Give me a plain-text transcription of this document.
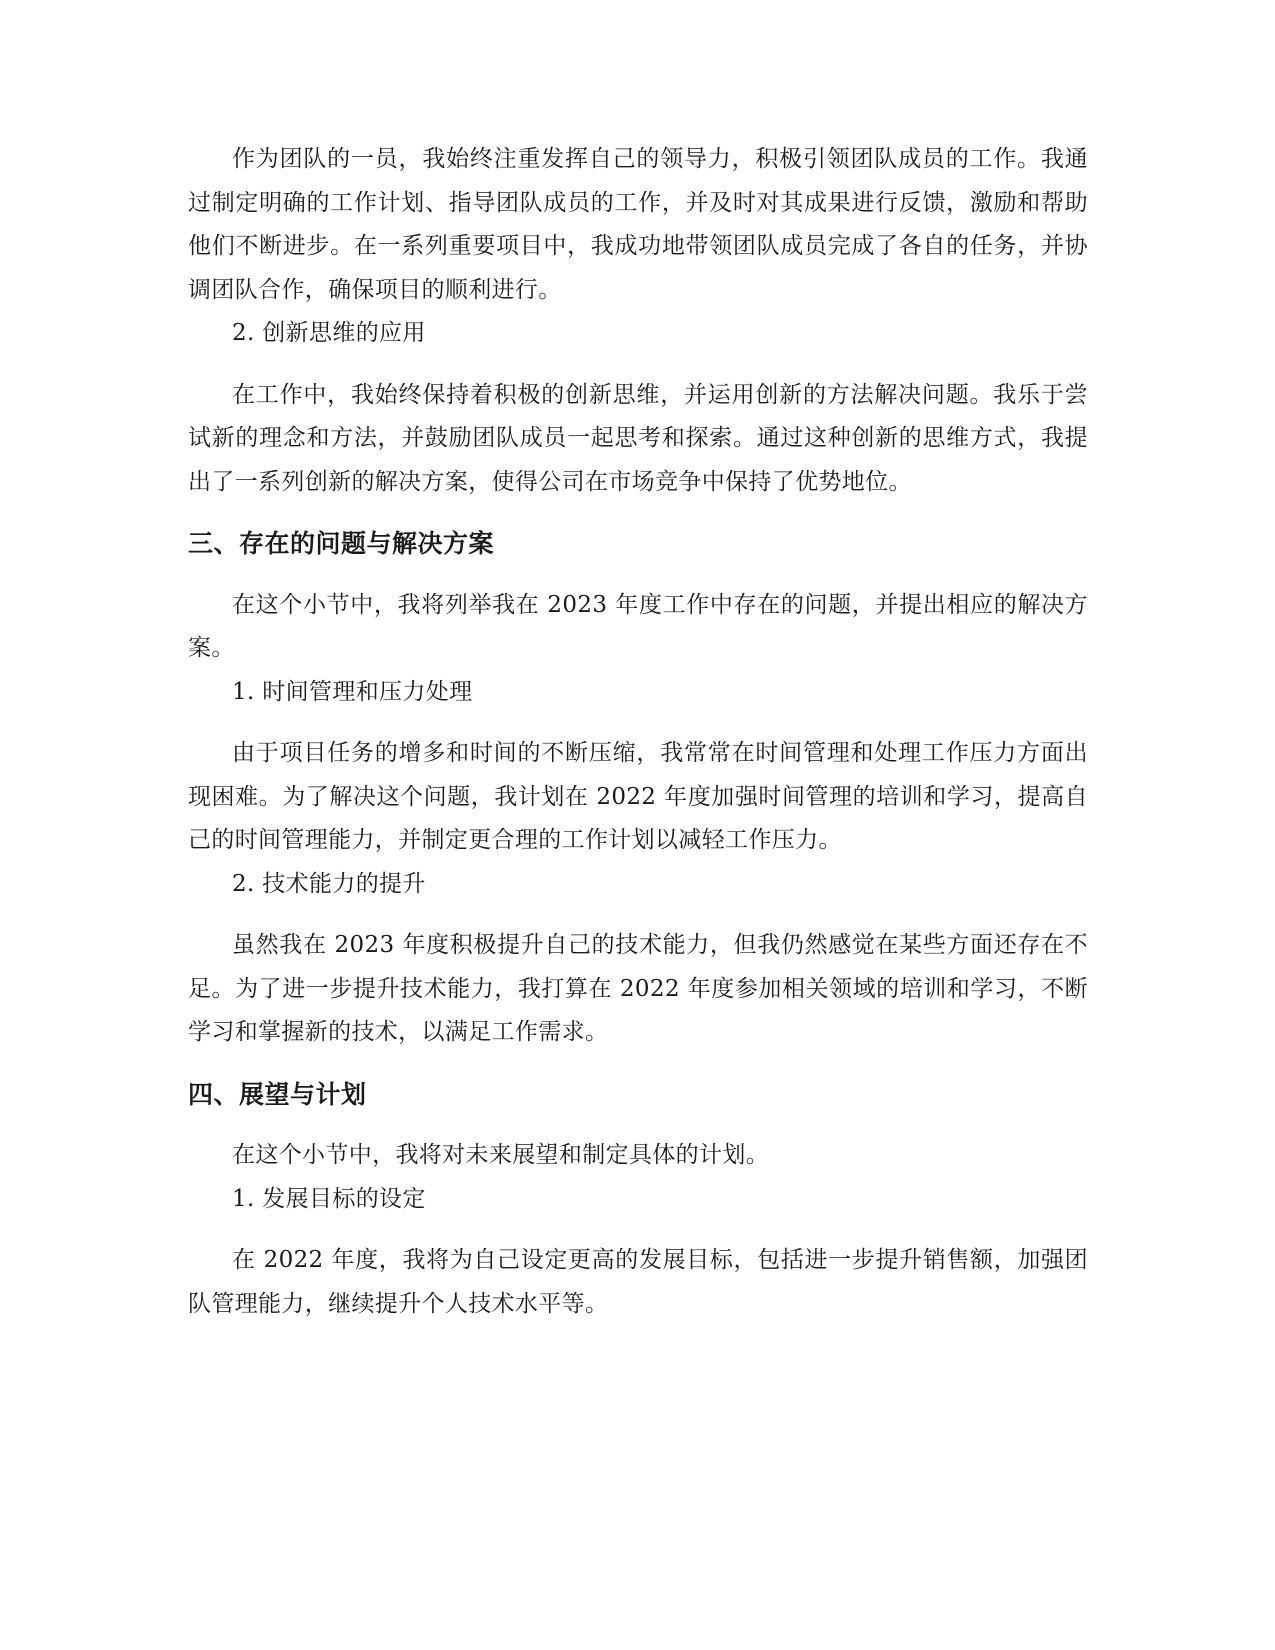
作为团队的一员，我始终注重发挥自己的领导力，积极引领团队成员的工作。我通过制定明确的工作计划、指导团队成员的工作，并及时对其成果进行反馈，激励和帮助他们不断进步。在一系列重要项目中，我成功地带领团队成员完成了各自的任务，并协调团队合作，确保项目的顺利进行。

2. 创新思维的应用

在工作中，我始终保持着积极的创新思维，并运用创新的方法解决问题。我乐于尝试新的理念和方法，并鼓励团队成员一起思考和探索。通过这种创新的思维方式，我提出了一系列创新的解决方案，使得公司在市场竞争中保持了优势地位。

三、存在的问题与解决方案

在这个小节中，我将列举我在 2023 年度工作中存在的问题，并提出相应的解决方案。

1. 时间管理和压力处理

由于项目任务的增多和时间的不断压缩，我常常在时间管理和处理工作压力方面出现困难。为了解决这个问题，我计划在 2022 年度加强时间管理的培训和学习，提高自己的时间管理能力，并制定更合理的工作计划以减轻工作压力。

2. 技术能力的提升

虽然我在 2023 年度积极提升自己的技术能力，但我仍然感觉在某些方面还存在不足。为了进一步提升技术能力，我打算在 2022 年度参加相关领域的培训和学习，不断学习和掌握新的技术，以满足工作需求。

四、展望与计划

在这个小节中，我将对未来展望和制定具体的计划。

1. 发展目标的设定

在 2022 年度，我将为自己设定更高的发展目标，包括进一步提升销售额，加强团队管理能力，继续提升个人技术水平等。
